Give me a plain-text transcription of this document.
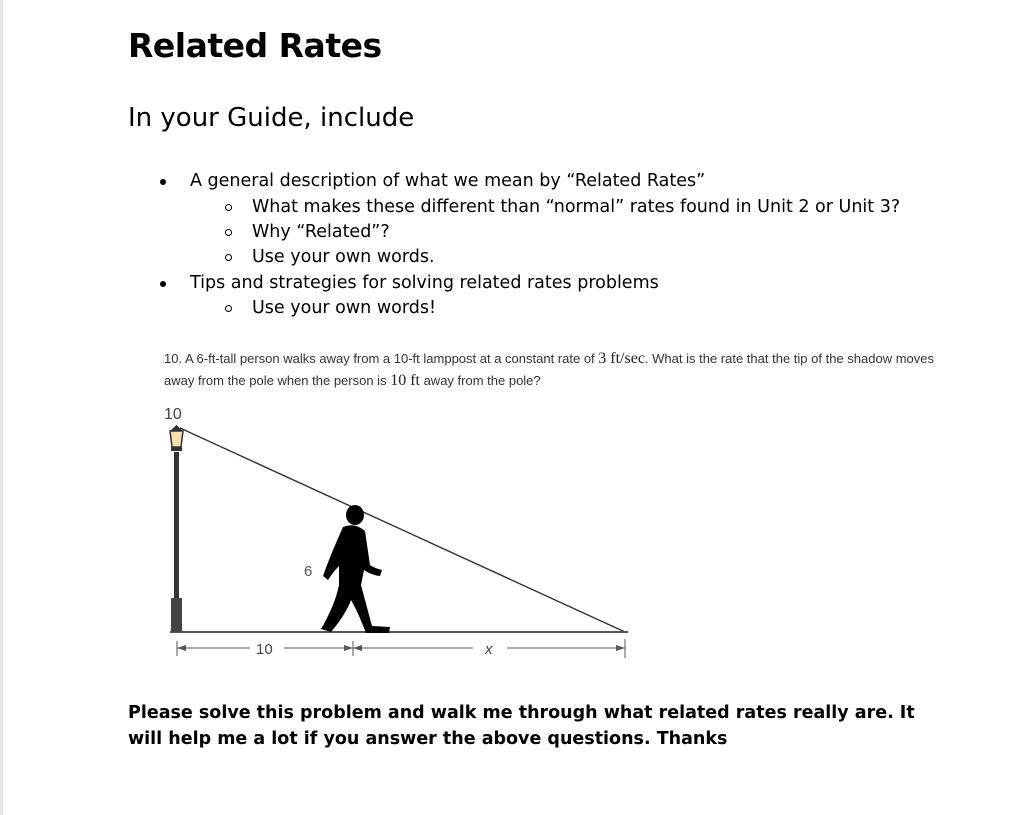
Related Rates
In your Guide, include
A general description of what we mean by “Related Rates”
What makes these different than “normal” rates found in Unit 2 or Unit 3?
Why “Related”?
Use your own words.
Tips and strategies for solving related rates problems
Use your own words!
10. A 6-ft-tall person walks away from a 10-ft lamppost at a constant rate of 3 ft/sec. What is the rate that the tip of the shadow moves away from the pole when the person is 10 ft away from the pole?
10
6
10	x
Please solve this problem and walk me through what related rates really are. It will help me a lot if you answer the above questions. Thanks
